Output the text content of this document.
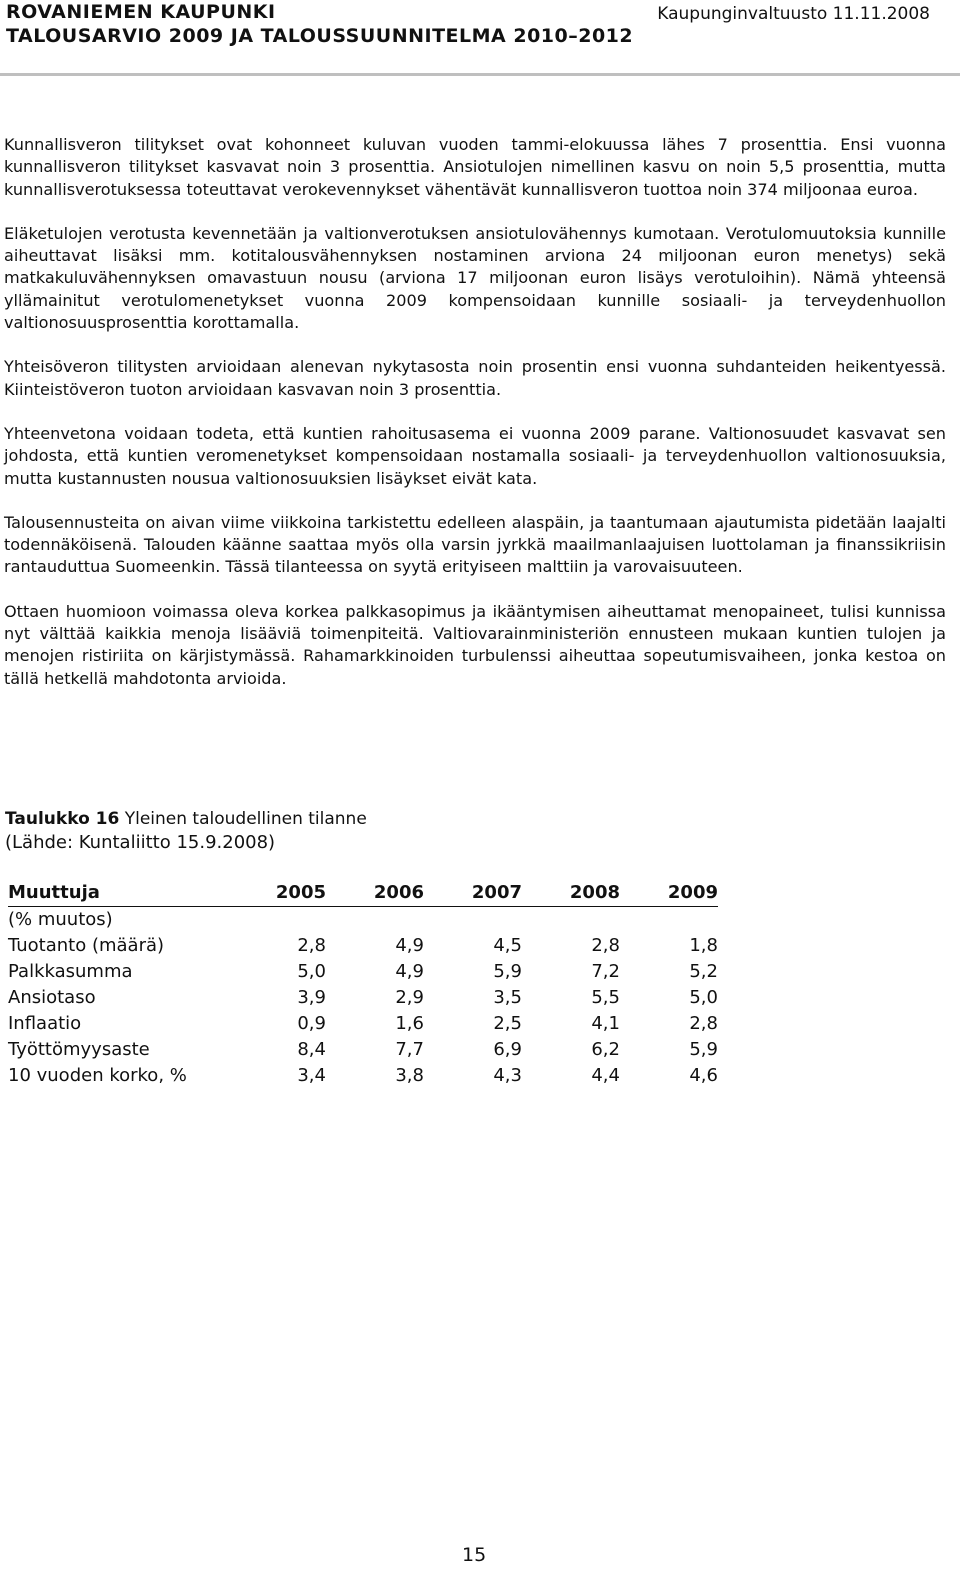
ROVANIEMEN KAUPUNKI
TALOUSARVIO 2009 JA TALOUSSUUNNITELMA 2010–2012
Kaupunginvaltuusto 11.11.2008

Kunnallisveron tilitykset ovat kohonneet kuluvan vuoden tammi-elokuussa lähes 7 prosenttia. Ensi vuonna kunnallisveron tilitykset kasvavat noin 3 prosenttia. Ansiotulojen nimellinen kasvu on noin 5,5 prosenttia, mutta kunnallisverotuksessa toteuttavat verokevennykset vähentävät kunnallisveron tuottoa noin 374 miljoonaa euroa.

Eläketulojen verotusta kevennetään ja valtionverotuksen ansiotulovähennys kumotaan. Verotulomuutoksia kunnille aiheuttavat lisäksi mm. kotitalousvähennyksen nostaminen arviona 24 miljoonan euron menetys) sekä matkakuluvähennyksen omavastuun nousu (arviona 17 miljoonan euron lisäys verotuloihin). Nämä yhteensä yllämainitut verotulomenetykset vuonna 2009 kompensoidaan kunnille sosiaali- ja terveydenhuollon valtionosuusprosenttia korottamalla.

Yhteisöveron tilitysten arvioidaan alenevan nykytasosta noin prosentin ensi vuonna suhdanteiden heikentyessä. Kiinteistöveron tuoton arvioidaan kasvavan noin 3 prosenttia.

Yhteenvetona voidaan todeta, että kuntien rahoitusasema ei vuonna 2009 parane. Valtionosuudet kasvavat sen johdosta, että kuntien veromenetykset kompensoidaan nostamalla sosiaali- ja terveydenhuollon valtionosuuksia, mutta kustannusten nousua valtionosuuksien lisäykset eivät kata.

Talousennusteita on aivan viime viikkoina tarkistettu edelleen alaspäin, ja taantumaan ajautumista pidetään laajalti todennäköisenä. Talouden käänne saattaa myös olla varsin jyrkkä maailmanlaajuisen luottolaman ja finanssikriisin rantauduttua Suomeenkin. Tässä tilanteessa on syytä erityiseen malttiin ja varovaisuuteen.

Ottaen huomioon voimassa oleva korkea palkkasopimus ja ikääntymisen aiheuttamat menopaineet, tulisi kunnissa nyt välttää kaikkia menoja lisääviä toimenpiteitä. Valtiovarainministeriön ennusteen mukaan kuntien tulojen ja menojen ristiriita on kärjistymässä. Rahamarkkinoiden turbulenssi aiheuttaa sopeutumisvaiheen, jonka kestoa on tällä hetkellä mahdotonta arvioida.

Taulukko 16 Yleinen taloudellinen tilanne
(Lähde: Kuntaliitto 15.9.2008)
Muuttuja	2005	2006	2007	2008	2009
(% muutos)					
Tuotanto (määrä)	2,8	4,9	4,5	2,8	1,8
Palkkasumma	5,0	4,9	5,9	7,2	5,2
Ansiotaso	3,9	2,9	3,5	5,5	5,0
Inflaatio	0,9	1,6	2,5	4,1	2,8
Työttömyysaste	8,4	7,7	6,9	6,2	5,9
10 vuoden korko, %	3,4	3,8	4,3	4,4	4,6
15
